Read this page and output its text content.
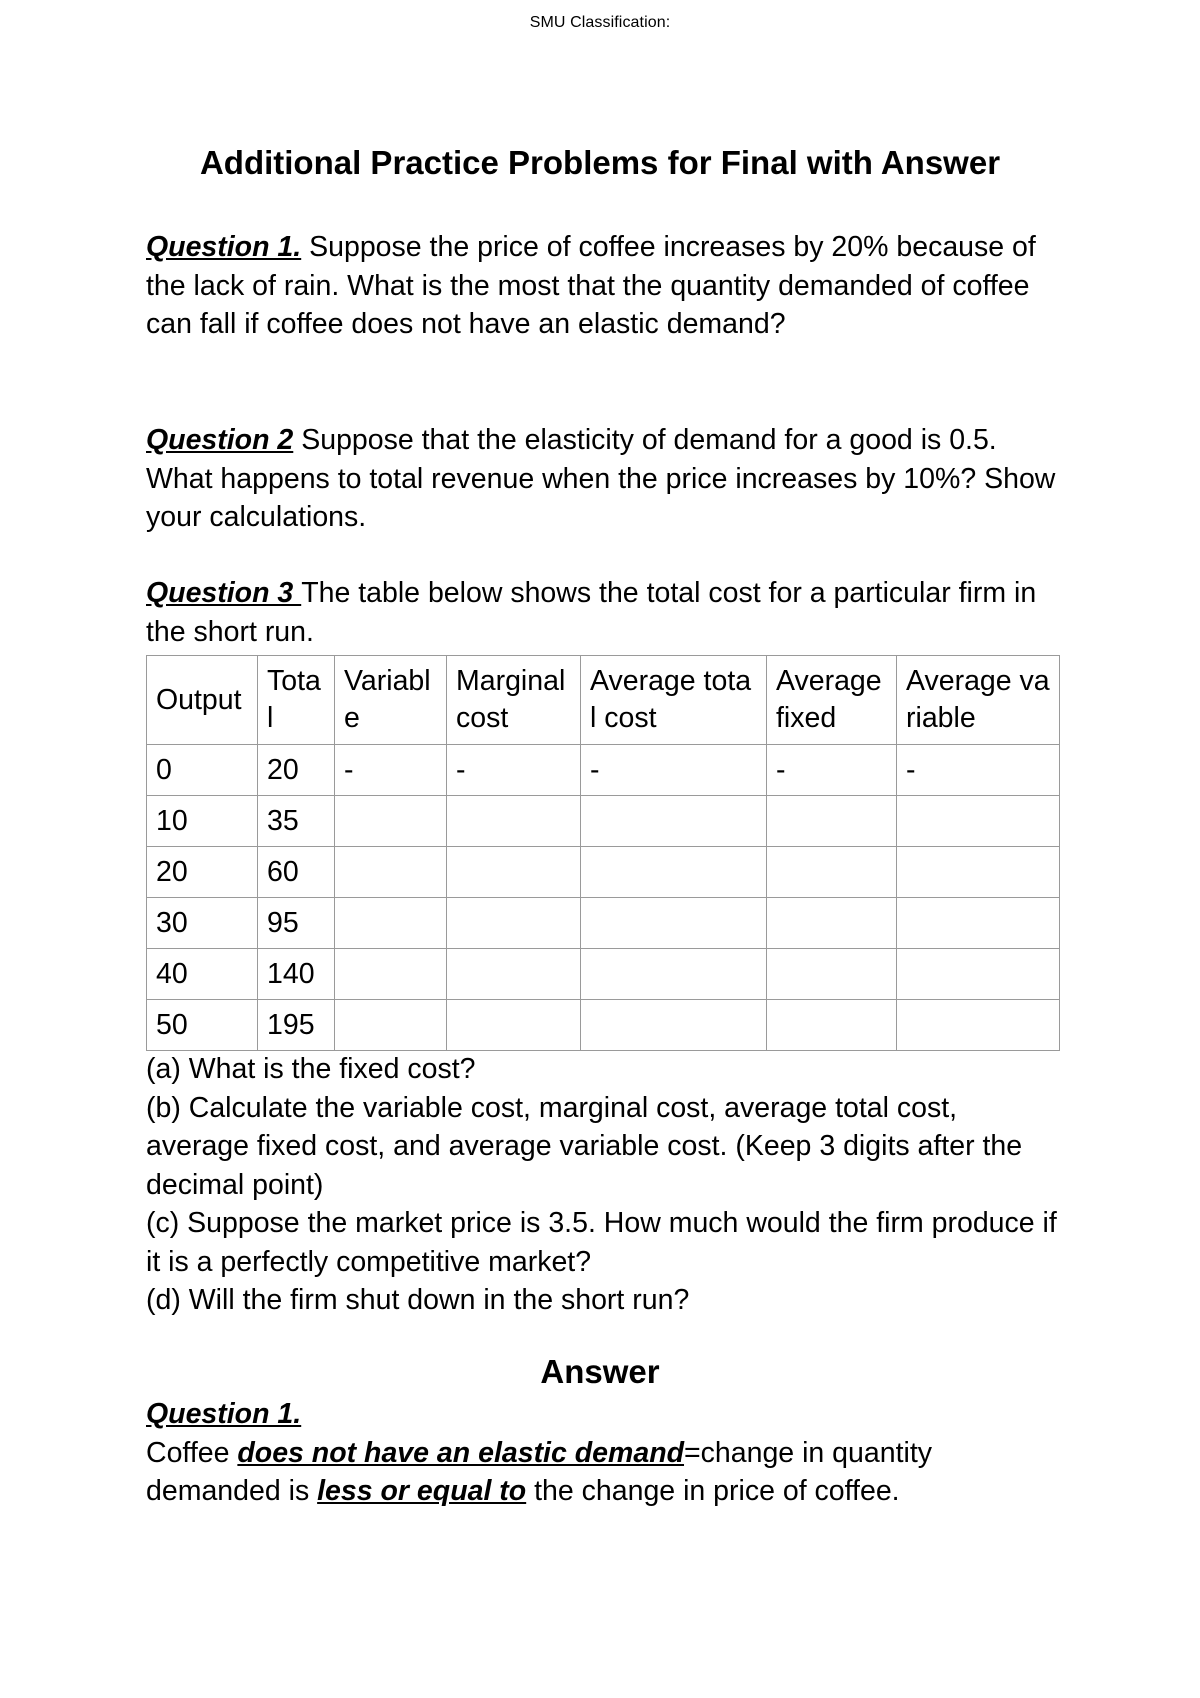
SMU Classification:
Additional Practice Problems for Final with Answer
Question 1. Suppose the price of coffee increases by 20% because of the lack of rain. What is the most that the quantity demanded of coffee can fall if coffee does not have an elastic demand?
Question 2 Suppose that the elasticity of demand for a good is 0.5. What happens to total revenue when the price increases by 10%? Show your calculations.
Question 3 The table below shows the total cost for a particular firm in the short run.
Output	Total	Variable	Marginal cost	Average total cost	Average fixed	Average variable
0	20	-	-	-	-	-
10	35					
20	60					
30	95					
40	140					
50	195					
(a) What is the fixed cost?
(b) Calculate the variable cost, marginal cost, average total cost, average fixed cost, and average variable cost. (Keep 3 digits after the decimal point)
(c) Suppose the market price is 3.5. How much would the firm produce if it is a perfectly competitive market?
(d) Will the firm shut down in the short run?
Answer
Question 1.
Coffee does not have an elastic demand=change in quantity demanded is less or equal to the change in price of coffee.
